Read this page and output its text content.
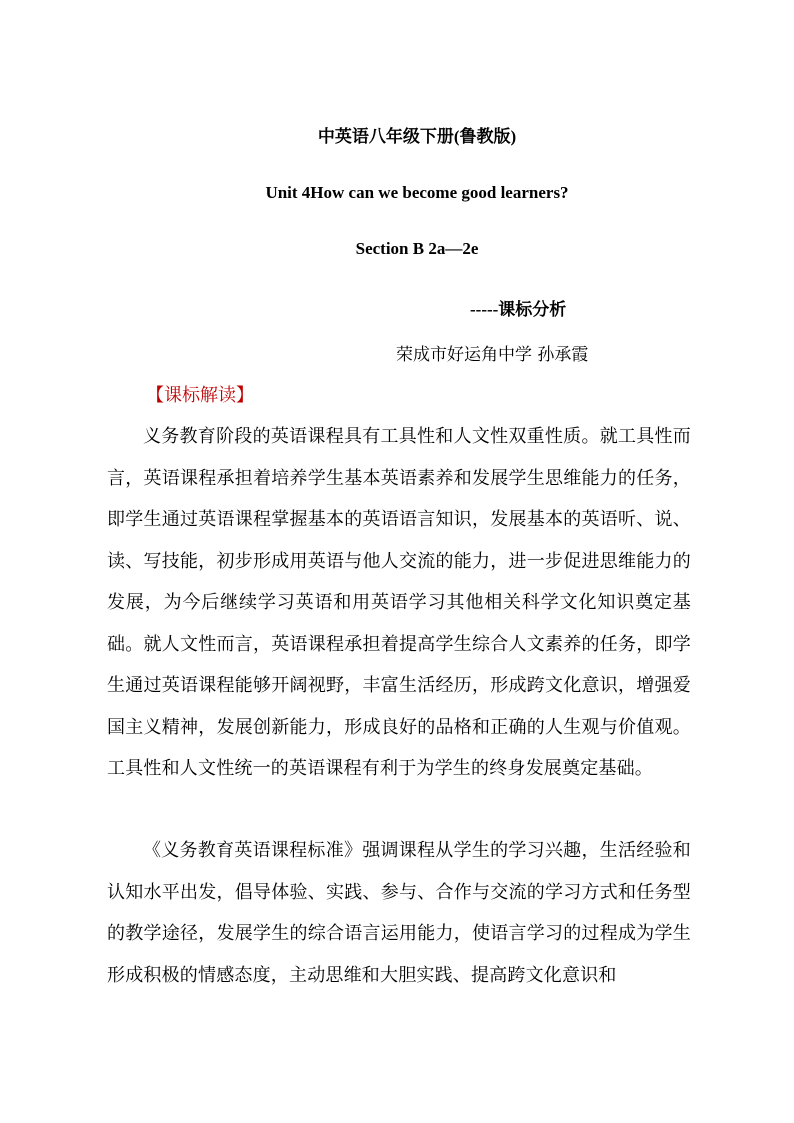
中英语八年级下册(鲁教版)
Unit 4How can we become good learners?
Section B 2a—2e
-----课标分析
荣成市好运角中学 孙承霞
【课标解读】

义务教育阶段的英语课程具有工具性和人文性双重性质。就工具性而言，英语课程承担着培养学生基本英语素养和发展学生思维能力的任务，即学生通过英语课程掌握基本的英语语言知识，发展基本的英语听、说、读、写技能，初步形成用英语与他人交流的能力，进一步促进思维能力的发展，为今后继续学习英语和用英语学习其他相关科学文化知识奠定基础。就人文性而言，英语课程承担着提高学生综合人文素养的任务，即学生通过英语课程能够开阔视野，丰富生活经历，形成跨文化意识，增强爱国主义精神，发展创新能力，形成良好的品格和正确的人生观与价值观。工具性和人文性统一的英语课程有利于为学生的终身发展奠定基础。

《义务教育英语课程标准》强调课程从学生的学习兴趣，生活经验和认知水平出发，倡导体验、实践、参与、合作与交流的学习方式和任务型的教学途径，发展学生的综合语言运用能力，使语言学习的过程成为学生形成积极的情感态度，主动思维和大胆实践、提高跨文化意识和
